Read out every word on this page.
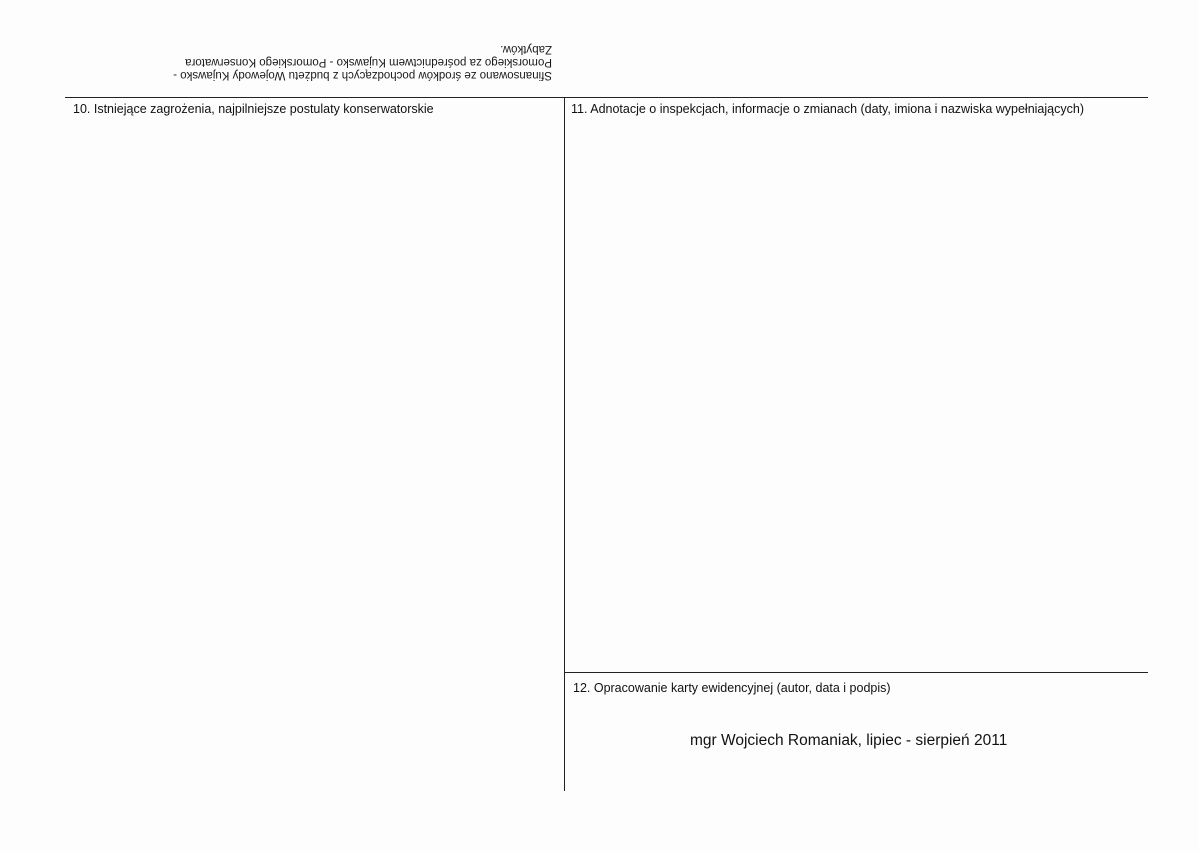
Sfinansowano ze środków pochodzących z budżetu Wojewody Kujawsko -
Pomorskiego za pośrednictwem Kujawsko - Pomorskiego Konserwatora
Zabytków.
10. Istniejące zagrożenia, najpilniejsze postulaty konserwatorskie	11. Adnotacje o inspekcjach, informacje o zmianach (daty, imiona i nazwiska wypełniających)
12. Opracowanie karty ewidencyjnej (autor, data i podpis)
mgr Wojciech Romaniak, lipiec - sierpień 2011
